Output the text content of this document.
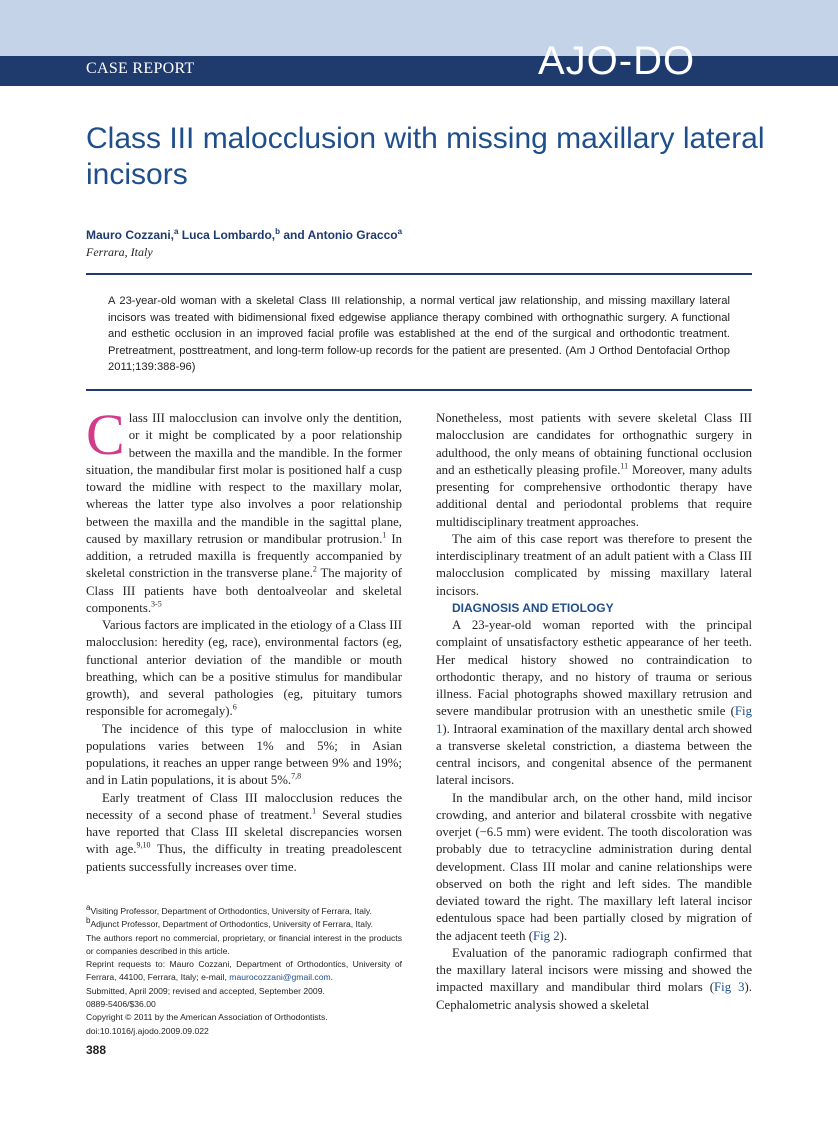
CASE REPORT	AJO-DO
Class III malocclusion with missing maxillary lateral incisors
Mauro Cozzani,$^a$ Luca Lombardo,$^b$ and Antonio Gracco$^a$
Ferrara, Italy

A 23-year-old woman with a skeletal Class III relationship, a normal vertical jaw relationship, and missing maxillary lateral incisors was treated with bidimensional fixed edgewise appliance therapy combined with orthognathic surgery. A functional and esthetic occlusion in an improved facial profile was established at the end of the surgical and orthodontic treatment. Pretreatment, posttreatment, and long-term follow-up records for the patient are presented. (Am J Orthod Dentofacial Orthop 2011;139:388-96)

Class III malocclusion can involve only the dentition, or it might be complicated by a poor relationship between the maxilla and the mandible. In the former situation, the mandibular first molar is positioned half a cusp toward the midline with respect to the maxillary molar, whereas the latter type also involves a poor relationship between the maxilla and the mandible in the sagittal plane, caused by maxillary retrusion or mandibular protrusion.$^1$ In addition, a retruded maxilla is frequently accompanied by skeletal constriction in the transverse plane.$^2$ The majority of Class III patients have both dentoalveolar and skeletal components.$^{3-5}$

Various factors are implicated in the etiology of a Class III malocclusion: heredity (eg, race), environmental factors (eg, functional anterior deviation of the mandible or mouth breathing, which can be a positive stimulus for mandibular growth), and several pathologies (eg, pituitary tumors responsible for acromegaly).$^6$

The incidence of this type of malocclusion in white populations varies between 1% and 5%; in Asian populations, it reaches an upper range between 9% and 19%; and in Latin populations, it is about 5%.$^{7,8}$

Early treatment of Class III malocclusion reduces the necessity of a second phase of treatment.$^1$ Several studies have reported that Class III skeletal discrepancies worsen with age.$^{9,10}$ Thus, the difficulty in treating preadolescent patients successfully increases over time.

Nonetheless, most patients with severe skeletal Class III malocclusion are candidates for orthognathic surgery in adulthood, the only means of obtaining functional occlusion and an esthetically pleasing profile.$^{11}$ Moreover, many adults presenting for comprehensive orthodontic therapy have additional dental and periodontal problems that require multidisciplinary treatment approaches.

The aim of this case report was therefore to present the interdisciplinary treatment of an adult patient with a Class III malocclusion complicated by missing maxillary lateral incisors.

DIAGNOSIS AND ETIOLOGY

A 23-year-old woman reported with the principal complaint of unsatisfactory esthetic appearance of her teeth. Her medical history showed no contraindication to orthodontic therapy, and no history of trauma or serious illness. Facial photographs showed maxillary retrusion and severe mandibular protrusion with an unesthetic smile (Fig 1). Intraoral examination of the maxillary dental arch showed a transverse skeletal constriction, a diastema between the central incisors, and congenital absence of the permanent lateral incisors.

In the mandibular arch, on the other hand, mild incisor crowding, and anterior and bilateral crossbite with negative overjet (−6.5 mm) were evident. The tooth discoloration was probably due to tetracycline administration during dental development. Class III molar and canine relationships were observed on both the right and left sides. The mandible deviated toward the right. The maxillary left lateral incisor edentulous space had been partially closed by migration of the adjacent teeth (Fig 2).

Evaluation of the panoramic radiograph confirmed that the maxillary lateral incisors were missing and showed the impacted maxillary and mandibular third molars (Fig 3). Cephalometric analysis showed a skeletal

$^a$Visiting Professor, Department of Orthodontics, University of Ferrara, Italy.
$^b$Adjunct Professor, Department of Orthodontics, University of Ferrara, Italy.
The authors report no commercial, proprietary, or financial interest in the products or companies described in this article.
Reprint requests to: Mauro Cozzani, Department of Orthodontics, University of Ferrara, 44100, Ferrara, Italy; e-mail, maurocozzani@gmail.com.
Submitted, April 2009; revised and accepted, September 2009.
0889-5406/$36.00
Copyright © 2011 by the American Association of Orthodontists.
doi:10.1016/j.ajodo.2009.09.022
388
